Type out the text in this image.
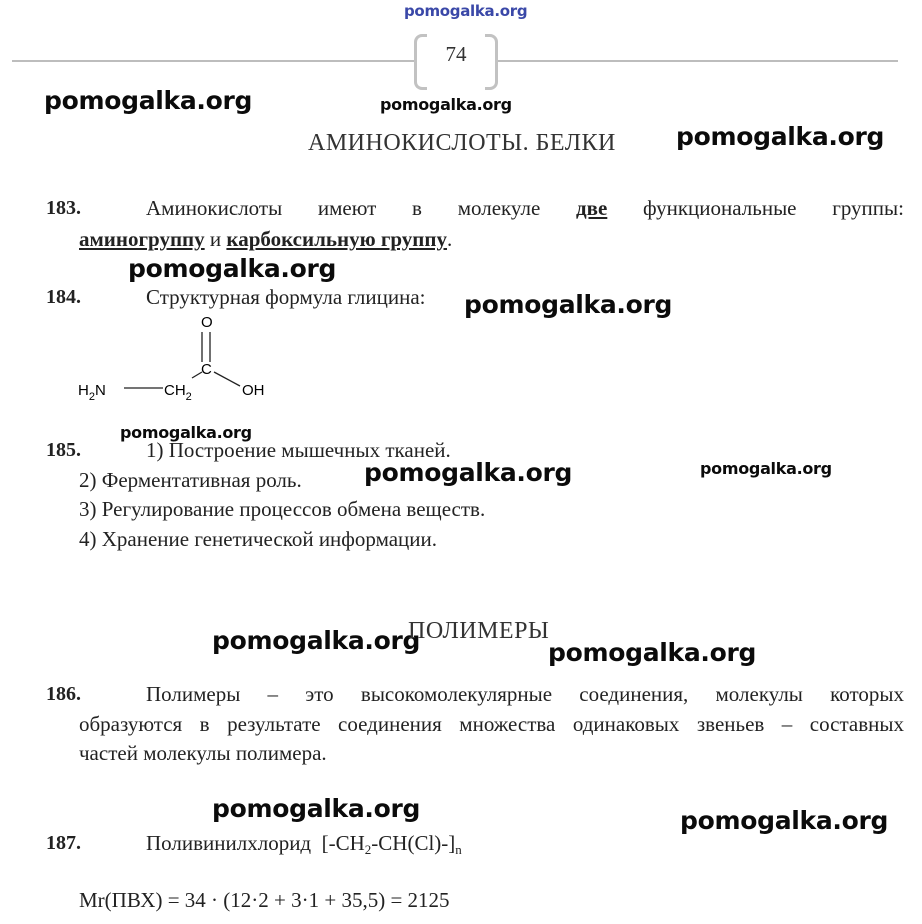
pomogalka.org
74
pomogalka.org	pomogalka.org
pomogalka.org
pomogalka.org
pomogalka.org
pomogalka.org
pomogalka.org	pomogalka.org
pomogalka.org	pomogalka.org
pomogalka.org	pomogalka.org
АМИНОКИСЛОТЫ. БЕЛКИ
183.	Аминокислоты имеют в молекуле две функциональные группы:
аминогруппу и карбоксильную группу.
184.	Структурная формула глицина:
O
C
OH
$H_2N$	$CH_2$
185.	1) Построение мышечных тканей.
2) Ферментативная роль.
3) Регулирование процессов обмена веществ.
4) Хранение генетической информации.
ПОЛИМЕРЫ
186.	Полимеры – это высокомолекулярные соединения, молекулы которых
образуются в результате соединения множества одинаковых звеньев – составных
частей молекулы полимера.
187.	Поливинилхлорид $[-CH_2-CH(Cl)-]_n$
Mr(ПВХ) = 34 · (12·2 + 3·1 + 35,5) = 2125
